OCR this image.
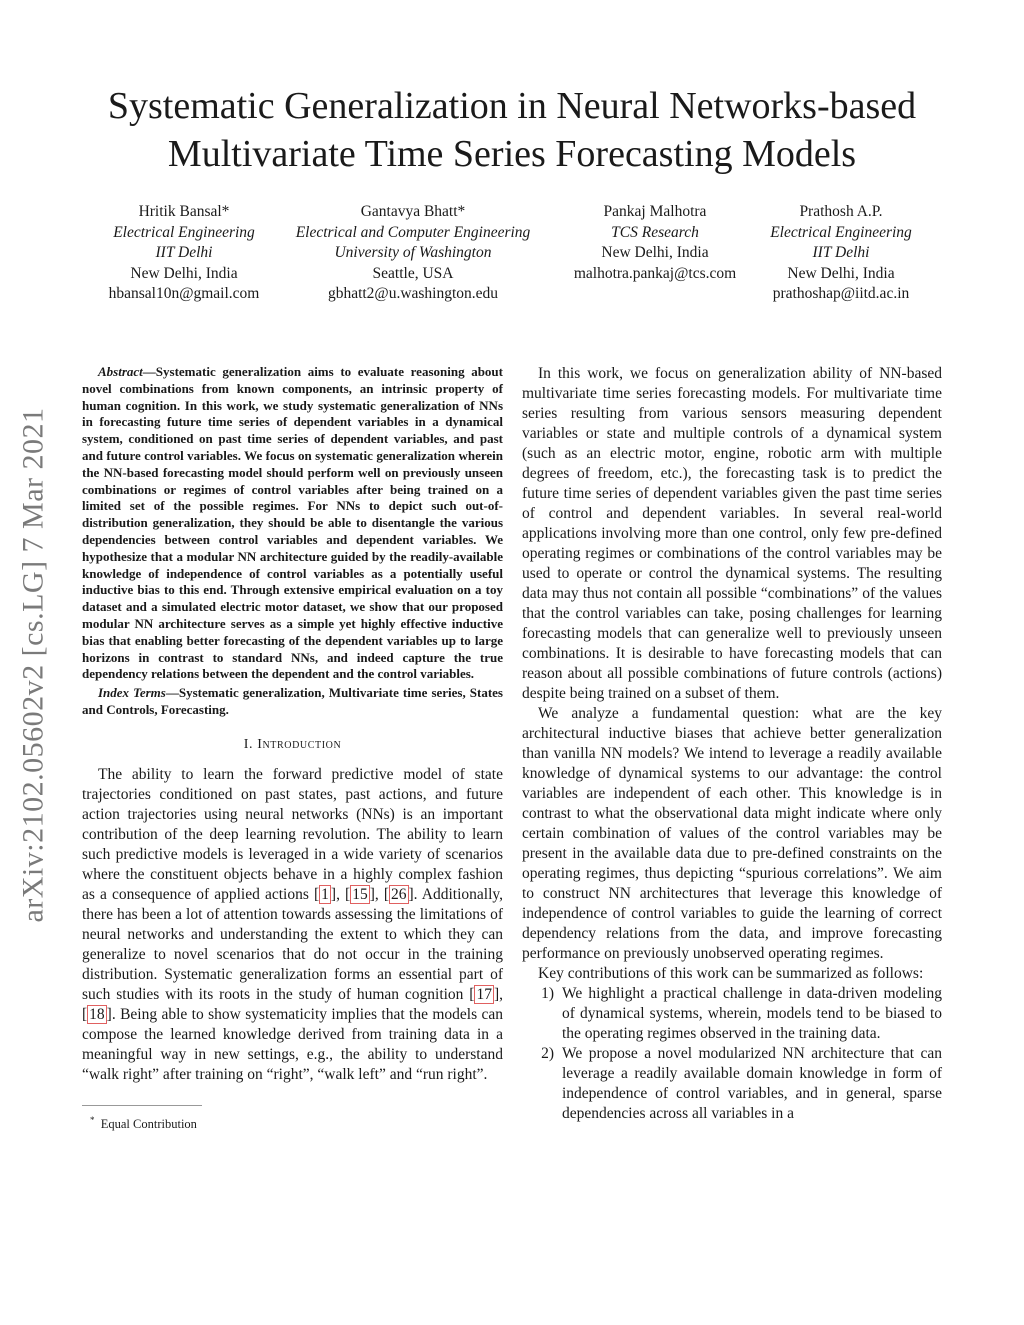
arXiv:2102.05602v2 [cs.LG] 7 Mar 2021
Systematic Generalization in Neural Networks-based Multivariate Time Series Forecasting Models
Hritik Bansal*
Electrical Engineering
IIT Delhi
New Delhi, India
hbansal10n@gmail.com
Gantavya Bhatt*
Electrical and Computer Engineering
University of Washington
Seattle, USA
gbhatt2@u.washington.edu
Pankaj Malhotra
TCS Research
New Delhi, India
malhotra.pankaj@tcs.com
Prathosh A.P.
Electrical Engineering
IIT Delhi
New Delhi, India
prathoshap@iitd.ac.in

Abstract—Systematic generalization aims to evaluate reasoning about novel combinations from known components, an intrinsic property of human cognition. In this work, we study systematic generalization of NNs in forecasting future time series of dependent variables in a dynamical system, conditioned on past time series of dependent variables, and past and future control variables. We focus on systematic generalization wherein the NN-based forecasting model should perform well on previously unseen combinations or regimes of control variables after being trained on a limited set of the possible regimes. For NNs to depict such out-of-distribution generalization, they should be able to disentangle the various dependencies between control variables and dependent variables. We hypothesize that a modular NN architecture guided by the readily-available knowledge of independence of control variables as a potentially useful inductive bias to this end. Through extensive empirical evaluation on a toy dataset and a simulated electric motor dataset, we show that our proposed modular NN architecture serves as a simple yet highly effective inductive bias that enabling better forecasting of the dependent variables up to large horizons in contrast to standard NNs, and indeed capture the true dependency relations between the dependent and the control variables.

Index Terms—Systematic generalization, Multivariate time series, States and Controls, Forecasting.

I. Introduction

The ability to learn the forward predictive model of state trajectories conditioned on past states, past actions, and future action trajectories using neural networks (NNs) is an important contribution of the deep learning revolution. The ability to learn such predictive models is leveraged in a wide variety of scenarios where the constituent objects behave in a highly complex fashion as a consequence of applied actions [ 1 ], [ 15 ], [ 26 ]. Additionally, there has been a lot of attention towards assessing the limitations of neural networks and understanding the extent to which they can generalize to novel scenarios that do not occur in the training distribution. Systematic generalization forms an essential part of such studies with its roots in the study of human cognition [ 17 ], [ 18 ]. Being able to show systematicity implies that the models can compose the learned knowledge derived from training data in a meaningful way in new settings, e.g., the ability to understand “walk right” after training on “right”, “walk left” and “run right”.

* Equal Contribution

In this work, we focus on generalization ability of NN-based multivariate time series forecasting models. For multivariate time series resulting from various sensors measuring dependent variables or state and multiple controls of a dynamical system (such as an electric motor, engine, robotic arm with multiple degrees of freedom, etc.), the forecasting task is to predict the future time series of dependent variables given the past time series of control and dependent variables. In several real-world applications involving more than one control, only few pre-defined operating regimes or combinations of the control variables may be used to operate or control the dynamical systems. The resulting data may thus not contain all possible “combinations” of the values that the control variables can take, posing challenges for learning forecasting models that can generalize well to previously unseen combinations. It is desirable to have forecasting models that can reason about all possible combinations of future controls (actions) despite being trained on a subset of them.

We analyze a fundamental question: what are the key architectural inductive biases that achieve better generalization than vanilla NN models? We intend to leverage a readily available knowledge of dynamical systems to our advantage: the control variables are independent of each other. This knowledge is in contrast to what the observational data might indicate where only certain combination of values of the control variables may be present in the available data due to pre-defined constraints on the operating regimes, thus depicting “spurious correlations”. We aim to construct NN architectures that leverage this knowledge of independence of control variables to guide the learning of correct dependency relations from the data, and improve forecasting performance on previously unobserved operating regimes.

Key contributions of this work can be summarized as follows:

1) We highlight a practical challenge in data-driven modeling of dynamical systems, wherein, models tend to be biased to the operating regimes observed in the training data.
2) We propose a novel modularized NN architecture that can leverage a readily available domain knowledge in form of independence of control variables, and in general, sparse dependencies across all variables in a
